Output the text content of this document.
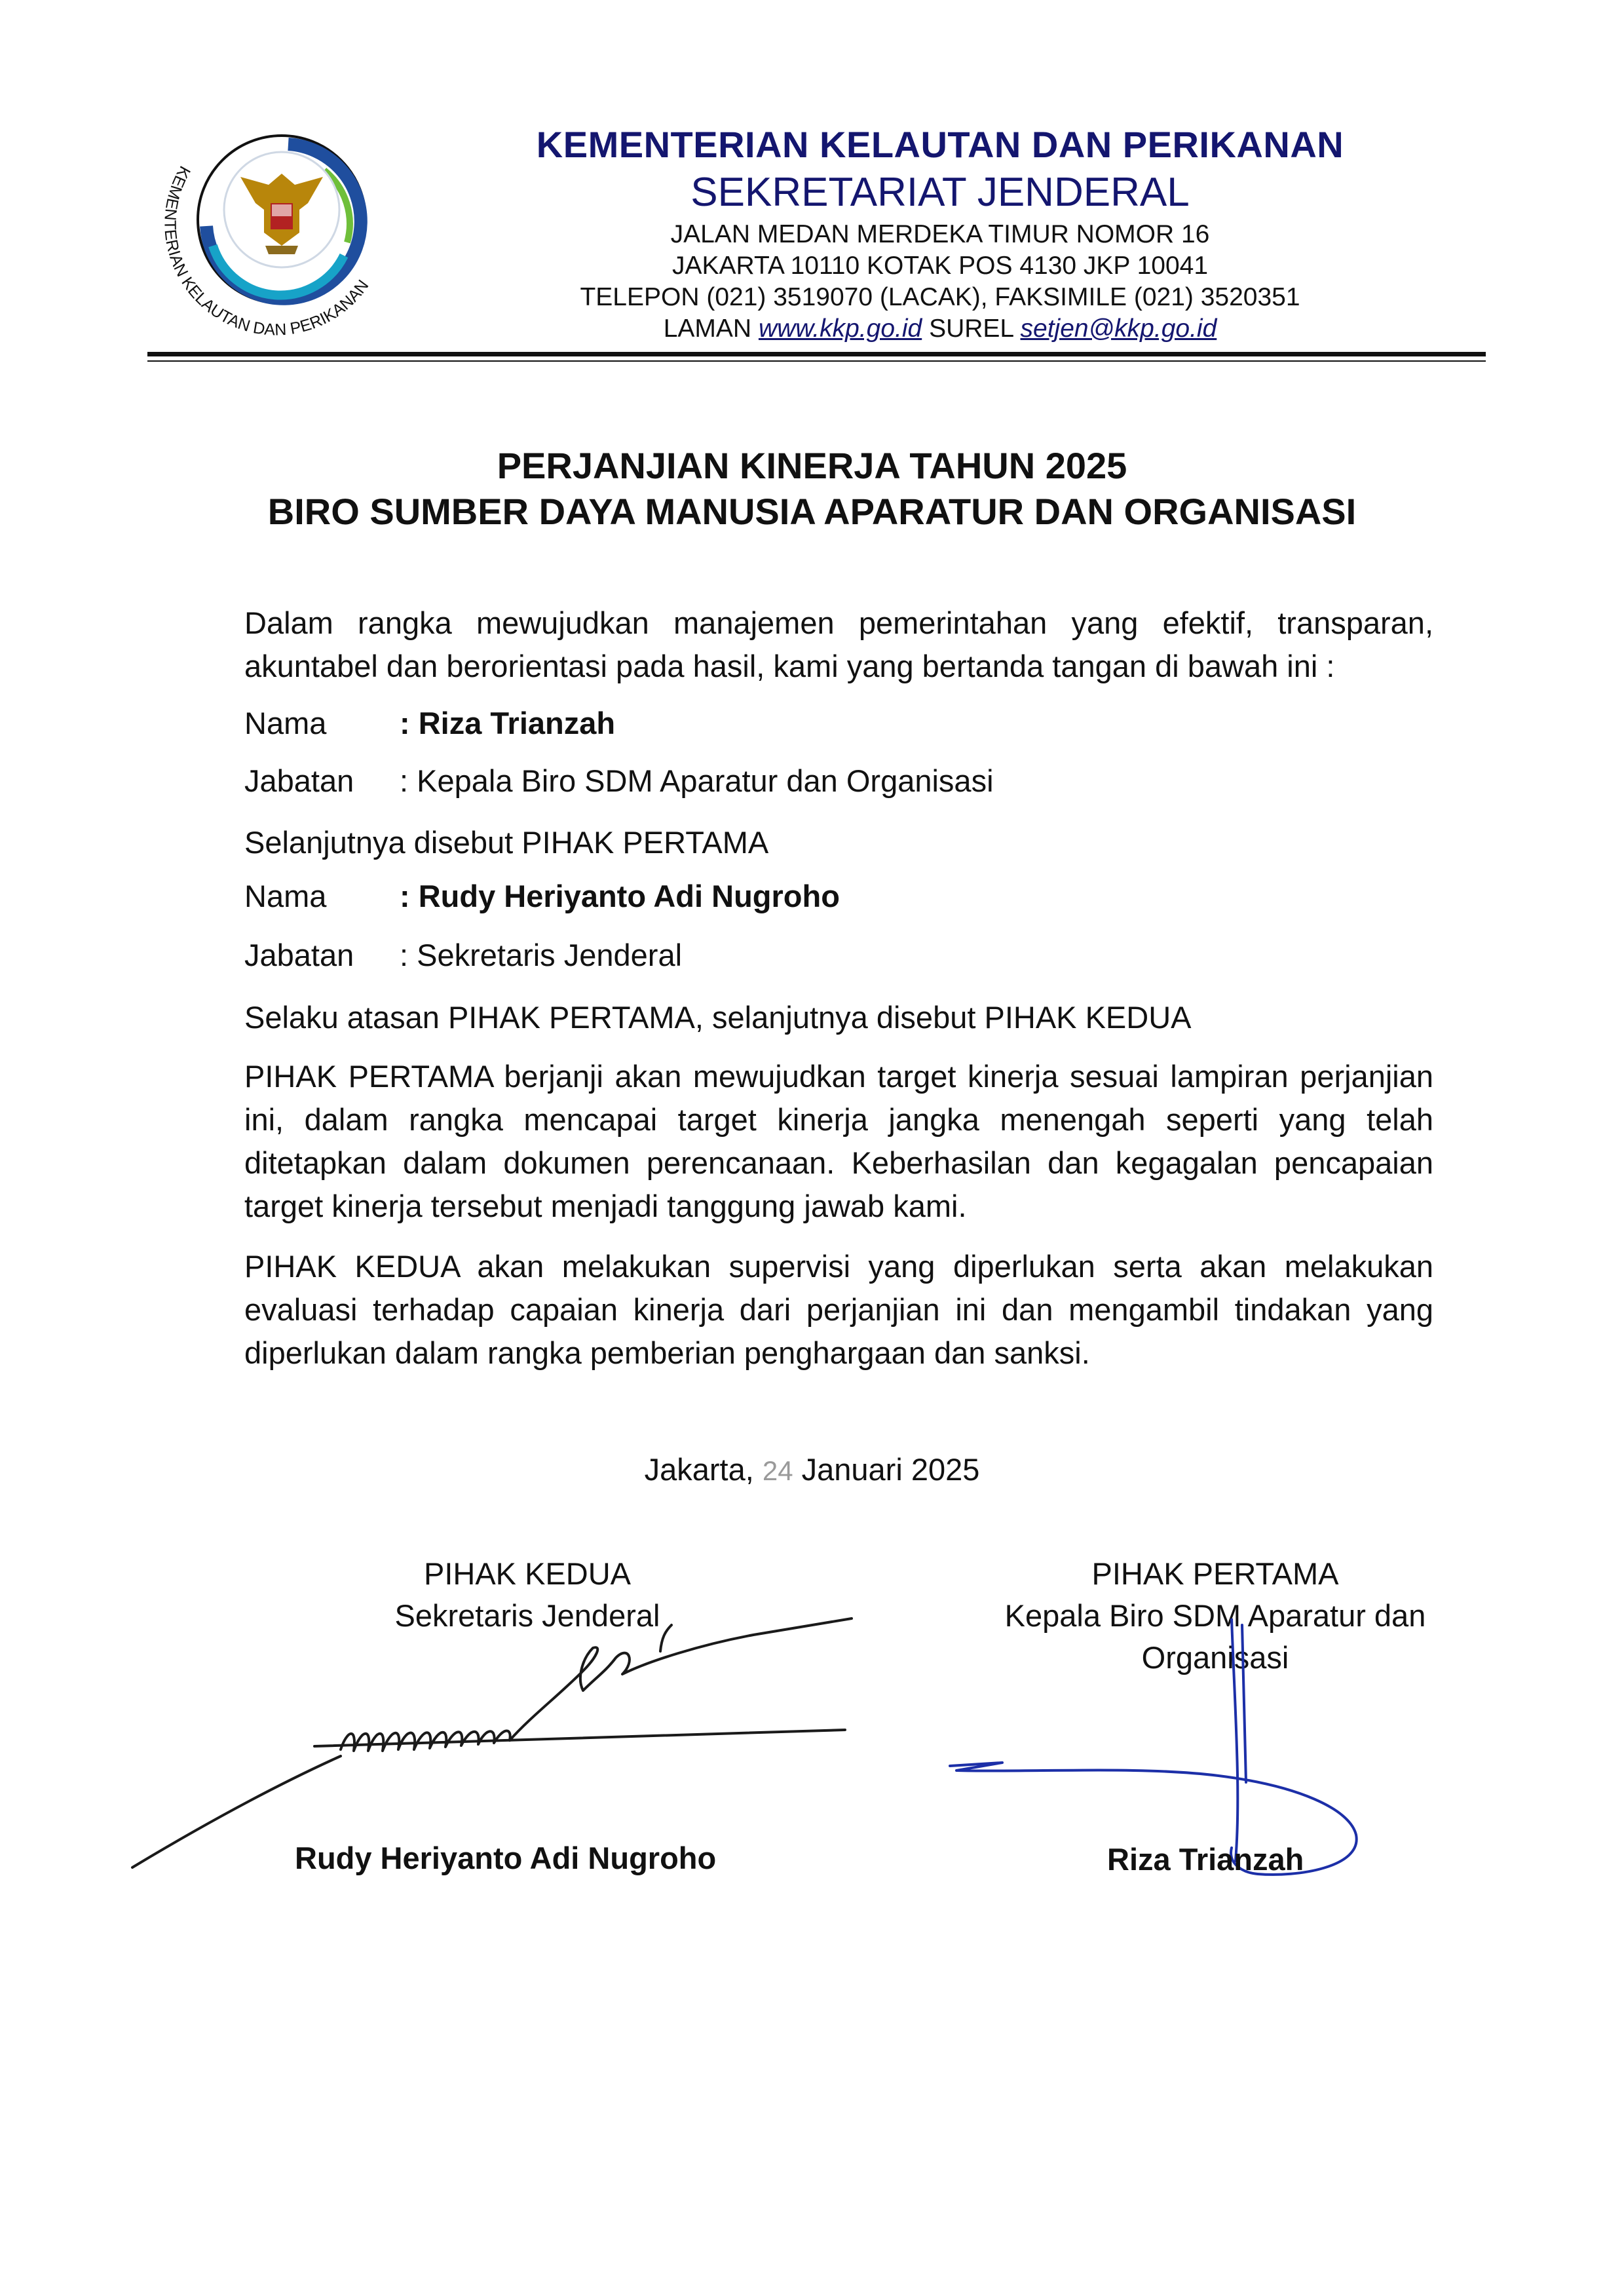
KEMENTERIAN KELAUTAN DAN PERIKANAN
KEMENTERIAN KELAUTAN DAN PERIKANAN
SEKRETARIAT JENDERAL
JALAN MEDAN MERDEKA TIMUR NOMOR 16
JAKARTA 10110 KOTAK POS 4130 JKP 10041
TELEPON (021) 3519070 (LACAK), FAKSIMILE (021) 3520351
LAMAN www.kkp.go.id SUREL setjen@kkp.go.id
PERJANJIAN KINERJA TAHUN 2025
BIRO SUMBER DAYA MANUSIA APARATUR DAN ORGANISASI
Dalam rangka mewujudkan manajemen pemerintahan yang efektif, transparan, akuntabel dan berorientasi pada hasil, kami yang bertanda tangan di bawah ini :
Nama : Riza Trianzah
Jabatan : Kepala Biro SDM Aparatur dan Organisasi
Selanjutnya disebut PIHAK PERTAMA
Nama : Rudy Heriyanto Adi Nugroho
Jabatan : Sekretaris Jenderal
Selaku atasan PIHAK PERTAMA, selanjutnya disebut PIHAK KEDUA
PIHAK PERTAMA berjanji akan mewujudkan target kinerja sesuai lampiran perjanjian ini, dalam rangka mencapai target kinerja jangka menengah seperti yang telah ditetapkan dalam dokumen perencanaan. Keberhasilan dan kegagalan pencapaian target kinerja tersebut menjadi tanggung jawab kami.
PIHAK KEDUA akan melakukan supervisi yang diperlukan serta akan melakukan evaluasi terhadap capaian kinerja dari perjanjian ini dan mengambil tindakan yang diperlukan dalam rangka pemberian penghargaan dan sanksi.
Jakarta, 24 Januari 2025
PIHAK KEDUA
Sekretaris Jenderal
PIHAK PERTAMA
Kepala Biro SDM Aparatur dan
Organisasi
Rudy Heriyanto Adi Nugroho	Riza Trianzah
